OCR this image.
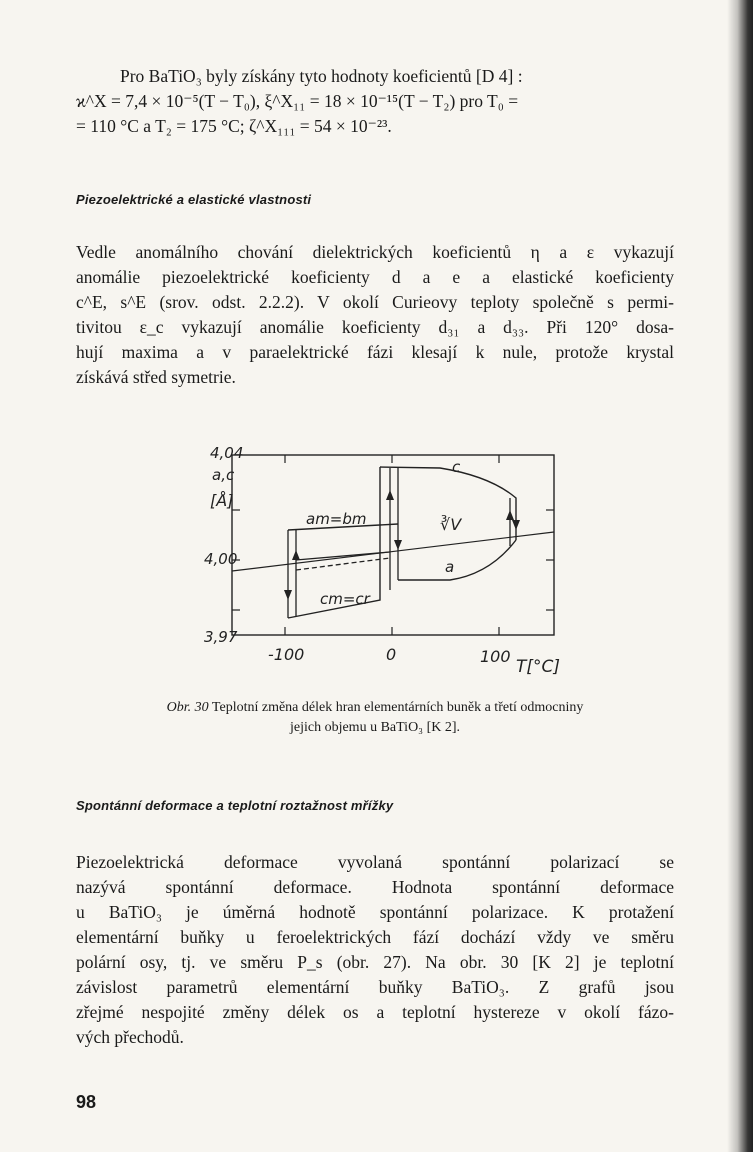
Pro BaTiO₃ byly získány tyto hodnoty koeficientů [D 4] :
ϰ^X = 7,4 × 10⁻⁵(T − T₀), ξ^X₁₁ = 18 × 10⁻¹⁵(T − T₂) pro T₀ =
= 110 °C a T₂ = 175 °C; ζ^X₁₁₁ = 54 × 10⁻²³.
Piezoelektrické a elastické vlastnosti
Vedle anomálního chování dielektrických koeficientů η a ε vykazují
anomálie piezoelektrické koeficienty d a e a elastické koeficienty
c^E, s^E (srov. odst. 2.2.2). V okolí Curieovy teploty společně s permi-
tivitou ε_c vykazují anomálie koeficienty d₃₁ a d₃₃. Při 120° dosa-
hují maxima a v paraelektrické fázi klesají k nule, protože krystal
získává střed symetrie.
4,04
a,c
[Å]
4,00
3,97
-100	0	100
T[°C]
c
a
am=bm
cm=cr
∛V
Obr. 30 Teplotní změna délek hran elementárních buněk a třetí odmocniny
jejich objemu u BaTiO₃ [K 2].
Spontánní deformace a teplotní roztažnost mřížky
Piezoelektrická deformace vyvolaná spontánní polarizací se
nazývá spontánní deformace. Hodnota spontánní deformace
u BaTiO₃ je úměrná hodnotě spontánní polarizace. K protažení
elementární buňky u feroelektrických fází dochází vždy ve směru
polární osy, tj. ve směru P_s (obr. 27). Na obr. 30 [K 2] je teplotní
závislost parametrů elementární buňky BaTiO₃. Z grafů jsou
zřejmé nespojité změny délek os a teplotní hystereze v okolí fázo-
vých přechodů.
98
